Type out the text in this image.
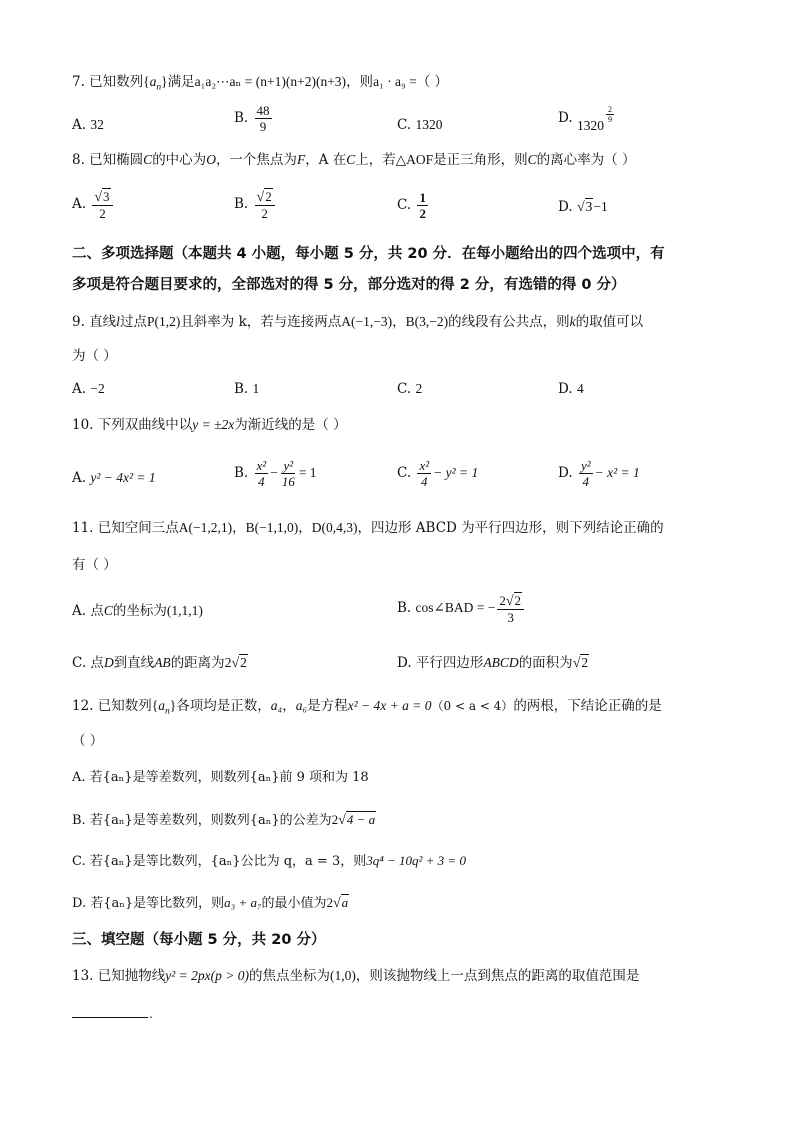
7. 已知数列$\{a_n\}$满足a₁a₂⋯aₙ = (n+1)(n+2)(n+3)，则a₁ · a₉ =（ ）
A. 32	B. $\frac{48}{9}$	C. 1320	D. 1320
$\frac{2}{9}$
8. 已知椭圆C的中心为O，一个焦点为F，A 在C上，若△AOF是正三角形，则C的离心率为（ ）
A. $\frac{√3}{2}$	B. $\frac{√2}{2}$	C. $\frac{1}{2}$	D. √3−1
二、多项选择题（本题共 4 小题，每小题 5 分，共 20 分．在每小题给出的四个选项中，有
多项是符合题目要求的，全部选对的得 5 分，部分选对的得 2 分，有选错的得 0 分）
9. 直线l过点P(1,2)且斜率为 k，若与连接两点A(−1,−3)，B(3,−2)的线段有公共点，则k的取值可以
为（ ）
A. −2	B. 1	C. 2	D. 4
10. 下列双曲线中以y = ±2x为渐近线的是（ ）
A. y² − 4x² = 1	B. $\frac{\text{x²}}{4} - \frac{\text{y²}}{16} = 1$	C. $\frac{\text{x²}}{4} - y^2 = 1$	D. $\frac{\text{y²}}{4} - x^2 = 1$
11. 已知空间三点A(−1,2,1)，B(−1,1,0)，D(0,4,3)，四边形 ABCD 为平行四边形，则下列结论正确的
有（ ）
A. 点C的坐标为(1,1,1)	B. cos∠BAD = − $\frac{2√2}{3}$
C. 点D到直线AB的距离为2√2	D. 平行四边形ABCD的面积为√2
12. 已知数列$\{a_n\}$各项均是正数，a₄，a₆是方程x² − 4x + a = 0（0 < a < 4）的两根，下结论正确的是
（ ）
A. 若{aₙ}是等差数列，则数列{aₙ}前 9 项和为 18
B. 若{aₙ}是等差数列，则数列{aₙ}的公差为2√4 − a
C. 若{aₙ}是等比数列，{aₙ}公比为 q，a = 3，则3q⁴ − 10q² + 3 = 0
D. 若{aₙ}是等比数列，则a₃ + a₇的最小值为2√a
三、填空题（每小题 5 分，共 20 分）
13. 已知抛物线y² = 2px(p > 0)的焦点坐标为(1,0)，则该抛物线上一点到焦点的距离的取值范围是
.
